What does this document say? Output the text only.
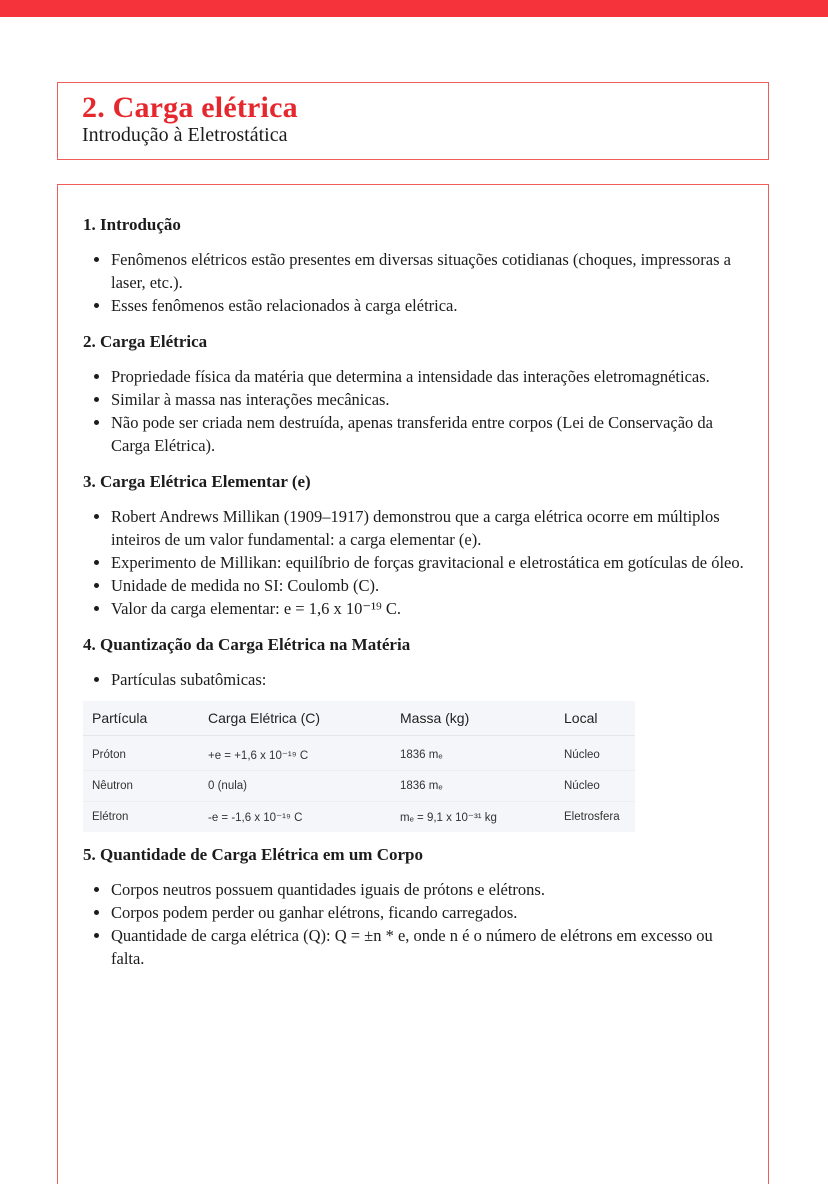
2. Carga elétrica
Introdução à Eletrostática
1. Introdução
• Fenômenos elétricos estão presentes em diversas situações cotidianas (choques, impressoras a laser, etc.).
• Esses fenômenos estão relacionados à carga elétrica.
2. Carga Elétrica
• Propriedade física da matéria que determina a intensidade das interações eletromagnéticas.
• Similar à massa nas interações mecânicas.
• Não pode ser criada nem destruída, apenas transferida entre corpos (Lei de Conservação da Carga Elétrica).
3. Carga Elétrica Elementar (e)
• Robert Andrews Millikan (1909–1917) demonstrou que a carga elétrica ocorre em múltiplos inteiros de um valor fundamental: a carga elementar (e).
• Experimento de Millikan: equilíbrio de forças gravitacional e eletrostática em gotículas de óleo.
• Unidade de medida no SI: Coulomb (C).
• Valor da carga elementar: e = 1,6 x 10⁻¹⁹ C.
4. Quantização da Carga Elétrica na Matéria
• Partículas subatômicas:
Partícula	Carga Elétrica (C)	Massa (kg)	Local
Próton	+e = +1,6 x 10⁻¹⁹ C	1836 mₑ	Núcleo
Nêutron	0 (nula)	1836 mₑ	Núcleo
Elétron	-e = -1,6 x 10⁻¹⁹ C	mₑ = 9,1 x 10⁻³¹ kg	Eletrosfera
5. Quantidade de Carga Elétrica em um Corpo
• Corpos neutros possuem quantidades iguais de prótons e elétrons.
• Corpos podem perder ou ganhar elétrons, ficando carregados.
• Quantidade de carga elétrica (Q): Q = ±n * e, onde n é o número de elétrons em excesso ou falta.
